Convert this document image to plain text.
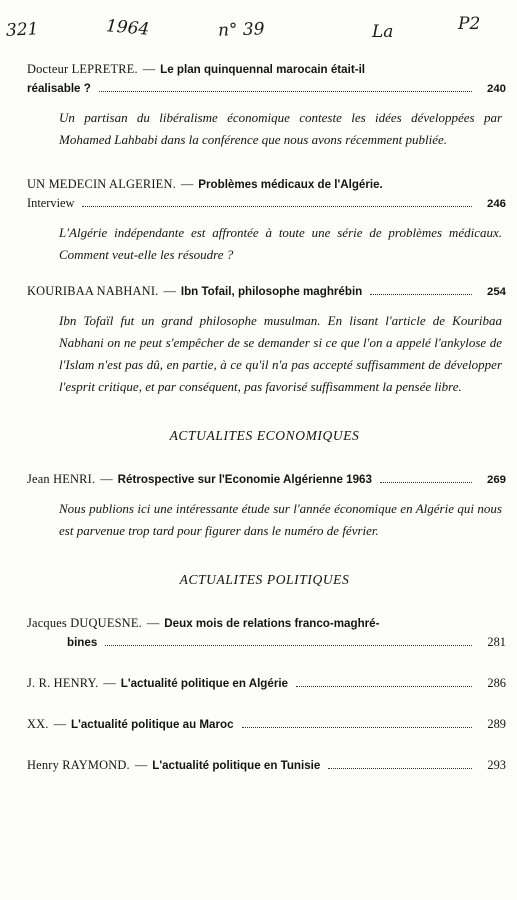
321	1964	n° 39	La	P2
Docteur LEPRETRE. — Le plan quinquennal marocain était-il
réalisable ?	240

Un partisan du libéralisme économique conteste les idées développées par Mohamed Lahbabi dans la conférence que nous avons récemment publiée.

UN MEDECIN ALGERIEN. — Problèmes médicaux de l'Algérie.
Interview	246

L'Algérie indépendante est affrontée à toute une série de problèmes médicaux. Comment veut-elle les résoudre ?

KOURIBAA NABHANI. — Ibn Tofail, philosophe maghrébin	254

Ibn Tofaïl fut un grand philosophe musulman. En lisant l'article de Kouribaa Nabhani on ne peut s'empêcher de se demander si ce que l'on a appelé l'ankylose de l'Islam n'est pas dû, en partie, à ce qu'il n'a pas accepté suffisamment de développer l'esprit critique, et par conséquent, pas favorisé suffisamment la pensée libre.

ACTUALITES ECONOMIQUES
Jean HENRI. — Rétrospective sur l'Economie Algérienne 1963	269

Nous publions ici une intéressante étude sur l'année économique en Algérie qui nous est parvenue trop tard pour figurer dans le numéro de février.

ACTUALITES POLITIQUES
Jacques DUQUESNE. — Deux mois de relations franco-maghré-
bines	281
J. R. HENRY. — L'actualité politique en Algérie	286
XX. — L'actualité politique au Maroc	289
Henry RAYMOND. — L'actualité politique en Tunisie	293
